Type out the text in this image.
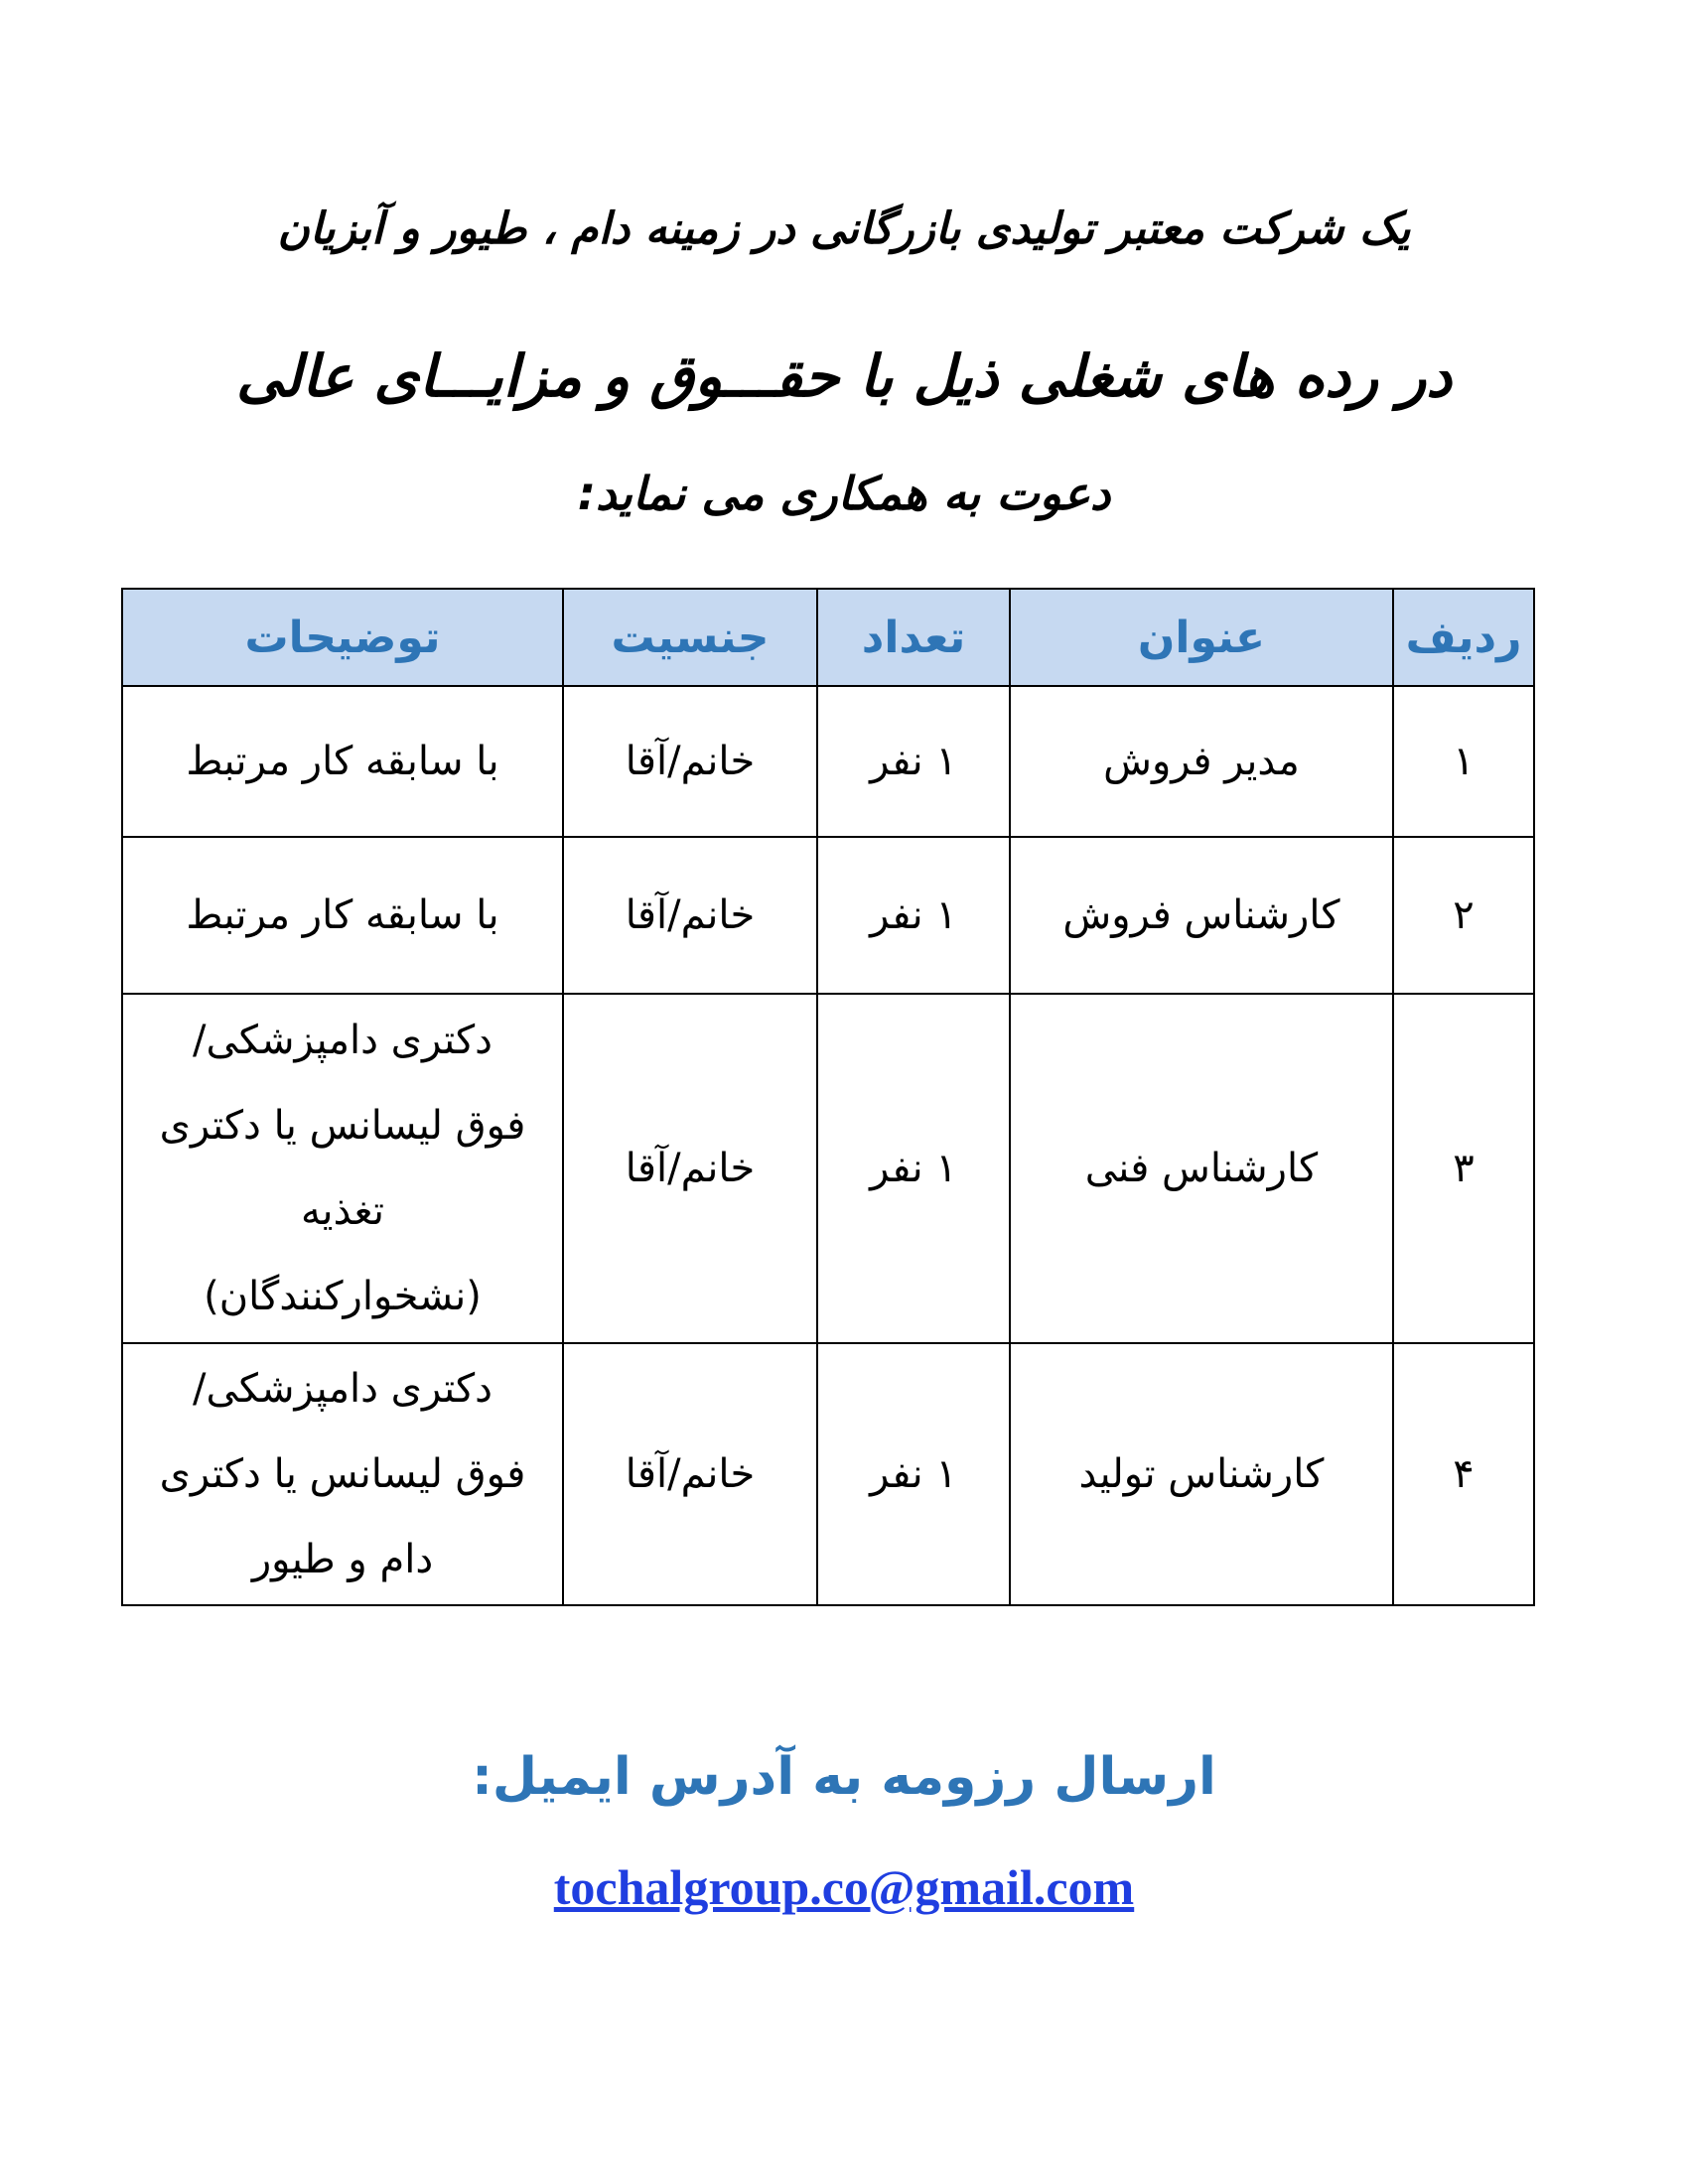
یک شرکت معتبر تولیدی بازرگانی در زمینه دام ، طیور و آبزیان
در رده های شغلی ذیل با حقـــوق و مزایـــای عالی
دعوت به همکاری می نماید:
ردیف	عنوان	تعداد	جنسیت	توضیحات
۱	مدیر فروش	۱ نفر	خانم/آقا	با سابقه کار مرتبط

۲	کارشناس فروش	۱ نفر	خانم/آقا	با سابقه کار مرتبط

۳	کارشناس فنی	۱ نفر	خانم/آقا	دکتری دامپزشکی/
فوق لیسانس یا دکتری
تغذیه
(نشخوارکنندگان)

۴	کارشناس تولید	۱ نفر	خانم/آقا	دکتری دامپزشکی/
فوق لیسانس یا دکتری
دام و طیور
ارسال رزومه به آدرس ایمیل:
tochalgroup.co@gmail.com
